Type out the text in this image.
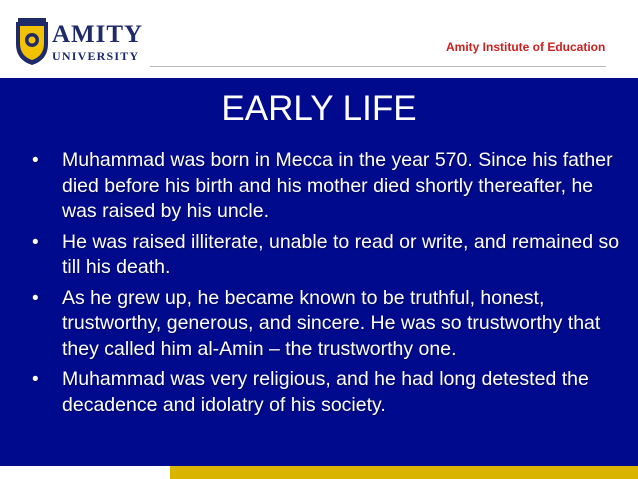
AMITY
UNIVERSITY
Amity Institute of Education
EARLY LIFE
• Muhammad was born in Mecca in the year 570. Since his father died before his birth and his mother died shortly thereafter, he was raised by his uncle.
• He was raised illiterate, unable to read or write, and remained so till his death.
• As he grew up, he became known to be truthful, honest, trustworthy, generous, and sincere. He was so trustworthy that they called him al-Amin – the trustworthy one.
• Muhammad was very religious, and he had long detested the decadence and idolatry of his society.
